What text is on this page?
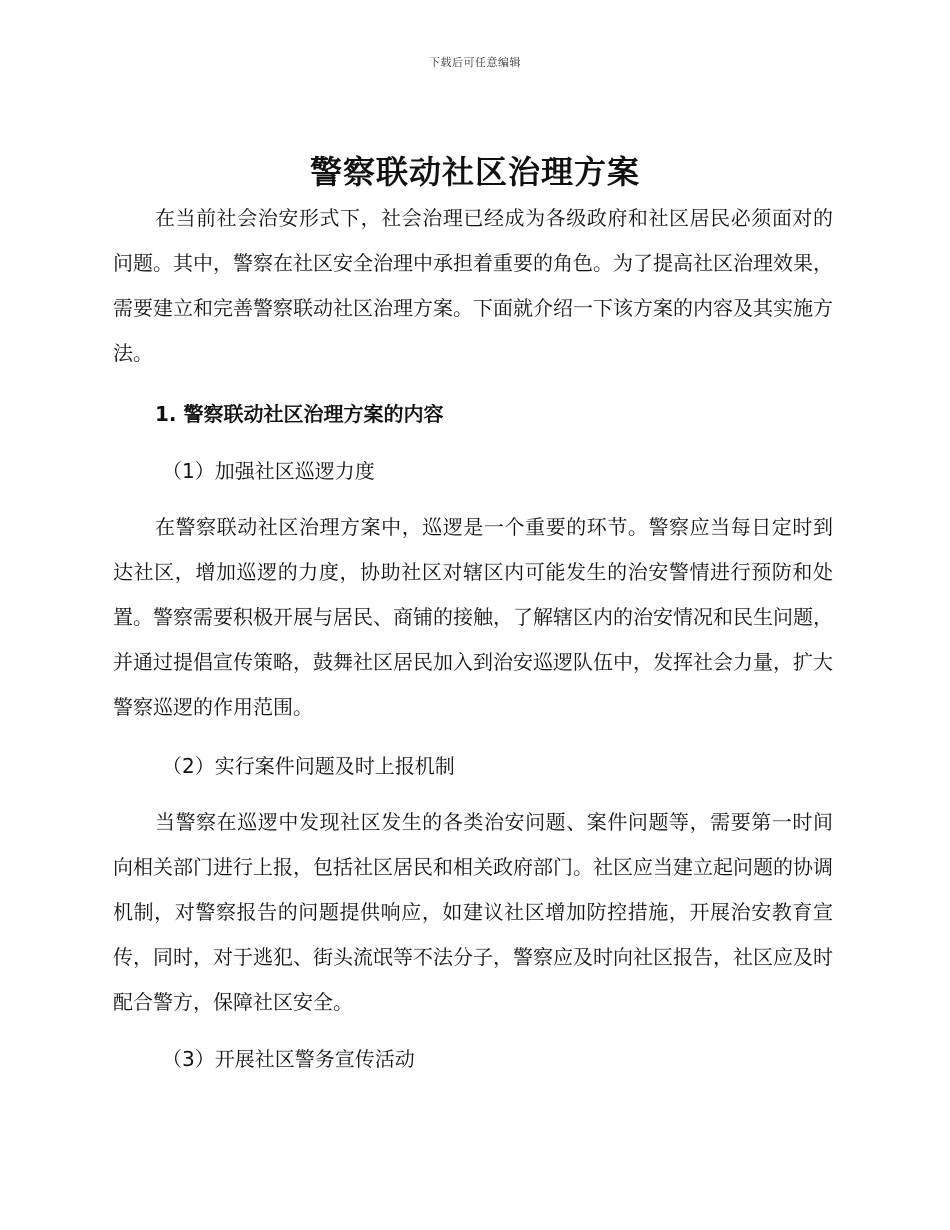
下载后可任意编辑
警察联动社区治理方案

在当前社会治安形式下，社会治理已经成为各级政府和社区居民必须面对的问题。其中，警察在社区安全治理中承担着重要的角色。为了提高社区治理效果，需要建立和完善警察联动社区治理方案。下面就介绍一下该方案的内容及其实施方法。

1. 警察联动社区治理方案的内容
（1）加强社区巡逻力度

在警察联动社区治理方案中，巡逻是一个重要的环节。警察应当每日定时到达社区，增加巡逻的力度，协助社区对辖区内可能发生的治安警情进行预防和处置。警察需要积极开展与居民、商铺的接触，了解辖区内的治安情况和民生问题，并通过提倡宣传策略，鼓舞社区居民加入到治安巡逻队伍中，发挥社会力量，扩大警察巡逻的作用范围。

（2）实行案件问题及时上报机制

当警察在巡逻中发现社区发生的各类治安问题、案件问题等，需要第一时间向相关部门进行上报，包括社区居民和相关政府部门。社区应当建立起问题的协调机制，对警察报告的问题提供响应，如建议社区增加防控措施，开展治安教育宣传，同时，对于逃犯、街头流氓等不法分子，警察应及时向社区报告，社区应及时配合警方，保障社区安全。

（3）开展社区警务宣传活动
